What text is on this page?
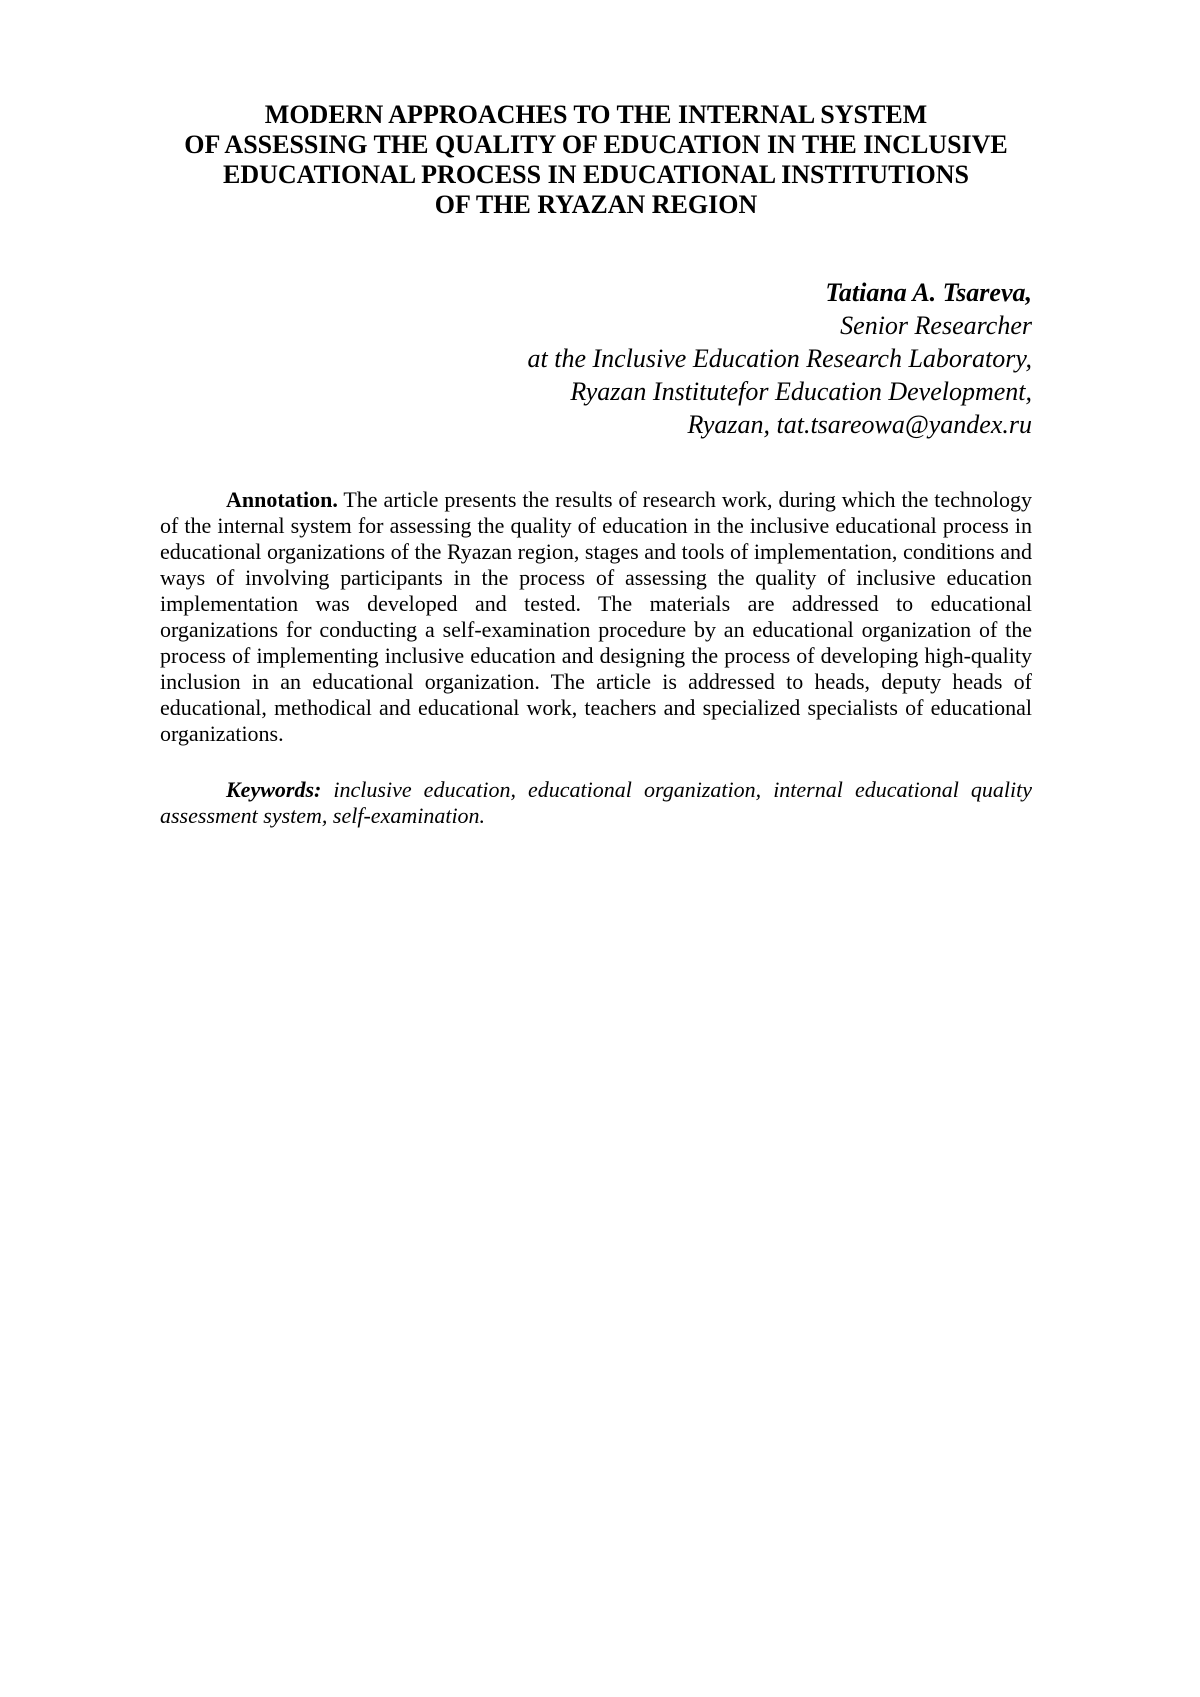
MODERN APPROACHES TO THE INTERNAL SYSTEM
OF ASSESSING THE QUALITY OF EDUCATION IN THE INCLUSIVE
EDUCATIONAL PROCESS IN EDUCATIONAL INSTITUTIONS
OF THE RYAZAN REGION
Tatiana A. Tsareva,
Senior Researcher
at the Inclusive Education Research Laboratory,
Ryazan Institutefor Education Development,
Ryazan, tat.tsareowa@yandex.ru

Annotation. The article presents the results of research work, during which the technology of the internal system for assessing the quality of education in the inclusive educational process in educational organizations of the Ryazan region, stages and tools of implementation, conditions and ways of involving participants in the process of assessing the quality of inclusive education implementation was developed and tested. The materials are addressed to educational organizations for conducting a self-examination procedure by an educational organization of the process of implementing inclusive education and designing the process of developing high-quality inclusion in an educational organization. The article is addressed to heads, deputy heads of educational, methodical and educational work, teachers and specialized specialists of educational organizations.

Keywords: inclusive education, educational organization, internal educational quality assessment system, self-examination.
